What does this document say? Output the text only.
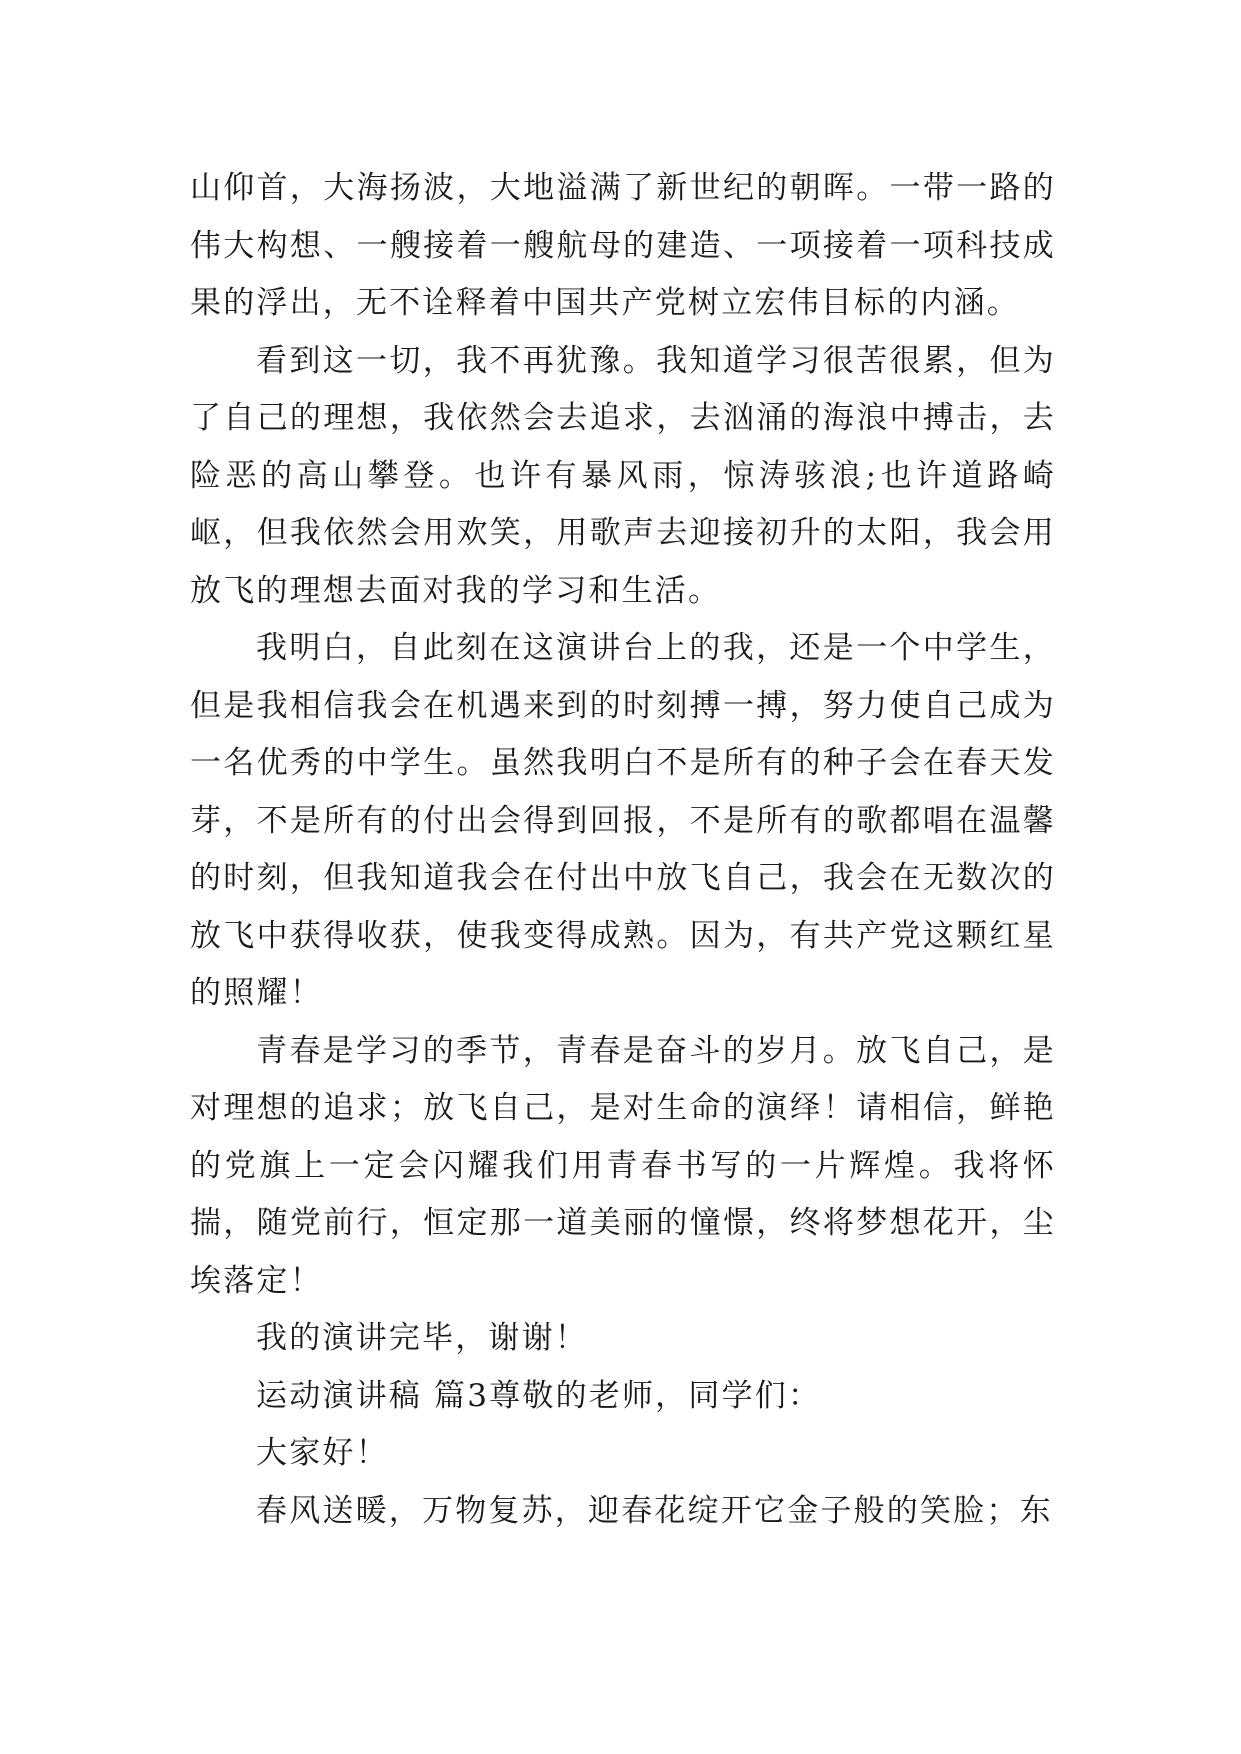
山仰首，大海扬波，大地溢满了新世纪的朝晖。一带一路的伟大构想、一艘接着一艘航母的建造、一项接着一项科技成果的浮出，无不诠释着中国共产党树立宏伟目标的内涵。

看到这一切，我不再犹豫。我知道学习很苦很累，但为了自己的理想，我依然会去追求，去汹涌的海浪中搏击，去险恶的高山攀登。也许有暴风雨，惊涛骇浪;也许道路崎岖，但我依然会用欢笑，用歌声去迎接初升的太阳，我会用放飞的理想去面对我的学习和生活。

我明白，自此刻在这演讲台上的我，还是一个中学生，但是我相信我会在机遇来到的时刻搏一搏，努力使自己成为一名优秀的中学生。虽然我明白不是所有的种子会在春天发芽，不是所有的付出会得到回报，不是所有的歌都唱在温馨的时刻，但我知道我会在付出中放飞自己，我会在无数次的放飞中获得收获，使我变得成熟。因为，有共产党这颗红星的照耀！

青春是学习的季节，青春是奋斗的岁月。放飞自己，是对理想的追求；放飞自己，是对生命的演绎！请相信，鲜艳的党旗上一定会闪耀我们用青春书写的一片辉煌。我将怀揣，随党前行，恒定那一道美丽的憧憬，终将梦想花开，尘埃落定！

我的演讲完毕，谢谢！

运动演讲稿 篇3尊敬的老师，同学们：

大家好！

春风送暖，万物复苏，迎春花绽开它金子般的笑脸；东
